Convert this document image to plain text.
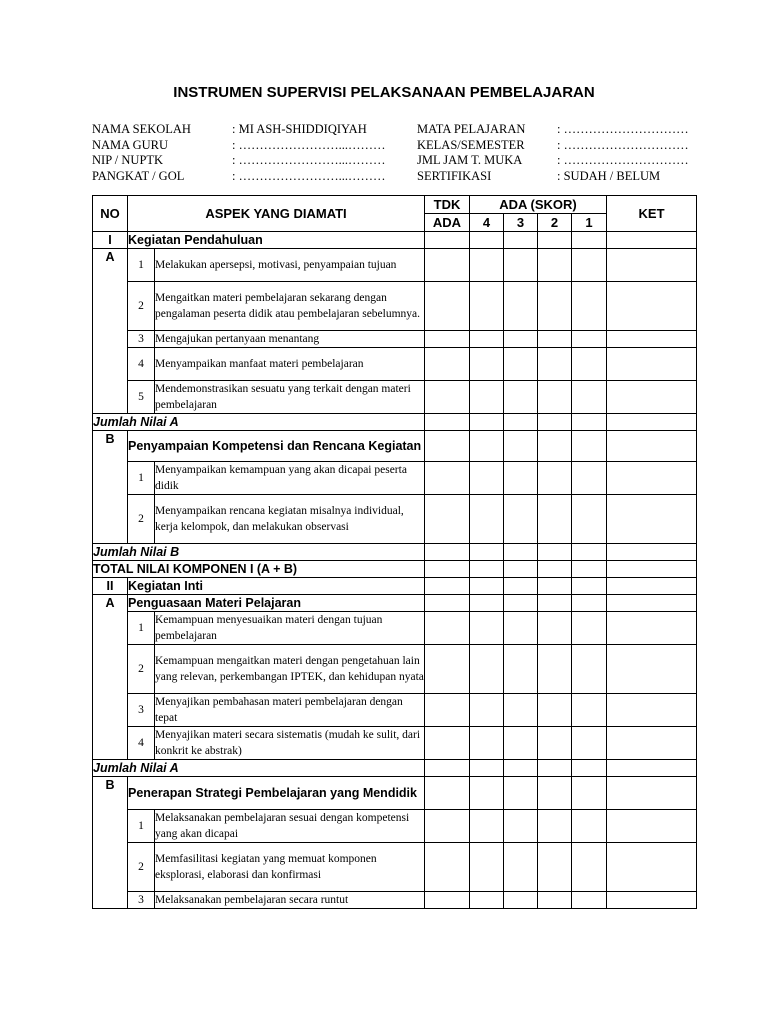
INSTRUMEN SUPERVISI PELAKSANAAN PEMBELAJARAN
NAMA SEKOLAH	: MI ASH-SHIDDIQIYAH	MATA PELAJARAN	: …………………………
NAMA GURU	: ……………………...………	KELAS/SEMESTER	: …………………………
NIP / NUPTK	: ……………………...………	JML JAM T. MUKA	: …………………………
PANGKAT / GOL	: ……………………...………	SERTIFIKASI	: SUDAH / BELUM
NO	ASPEK YANG DIAMATI		TDK	ADA (SKOR)				KET
			ADA	4	3	2	1	
I	Kegiatan Pendahuluan							
A	1	Melakukan apersepsi, motivasi, penyampaian tujuan						
	2	Mengaitkan materi pembelajaran sekarang dengan pengalaman peserta didik atau pembelajaran sebelumnya.						
	3	Mengajukan pertanyaan menantang						
	4	Menyampaikan manfaat materi pembelajaran						
	5	Mendemonstrasikan sesuatu yang terkait dengan materi pembelajaran						
Jumlah Nilai A								
B	Penyampaian Kompetensi dan Rencana Kegiatan							
	1	Menyampaikan kemampuan yang akan dicapai peserta didik						
	2	Menyampaikan rencana kegiatan misalnya individual, kerja kelompok, dan melakukan observasi						
Jumlah Nilai B								
TOTAL NILAI KOMPONEN I (A + B)								
II	Kegiatan Inti							
A	Penguasaan Materi Pelajaran							
	1	Kemampuan menyesuaikan materi dengan tujuan pembelajaran						
	2	Kemampuan mengaitkan materi dengan pengetahuan lain yang relevan, perkembangan IPTEK, dan kehidupan nyata						
	3	Menyajikan pembahasan materi pembelajaran dengan tepat						
	4	Menyajikan materi secara sistematis (mudah ke sulit, dari konkrit ke abstrak)						
Jumlah Nilai A								
B	Penerapan Strategi Pembelajaran yang Mendidik							
	1	Melaksanakan pembelajaran sesuai dengan kompetensi yang akan dicapai						
	2	Memfasilitasi kegiatan yang memuat komponen eksplorasi, elaborasi dan konfirmasi						
	3	Melaksanakan pembelajaran secara runtut						
